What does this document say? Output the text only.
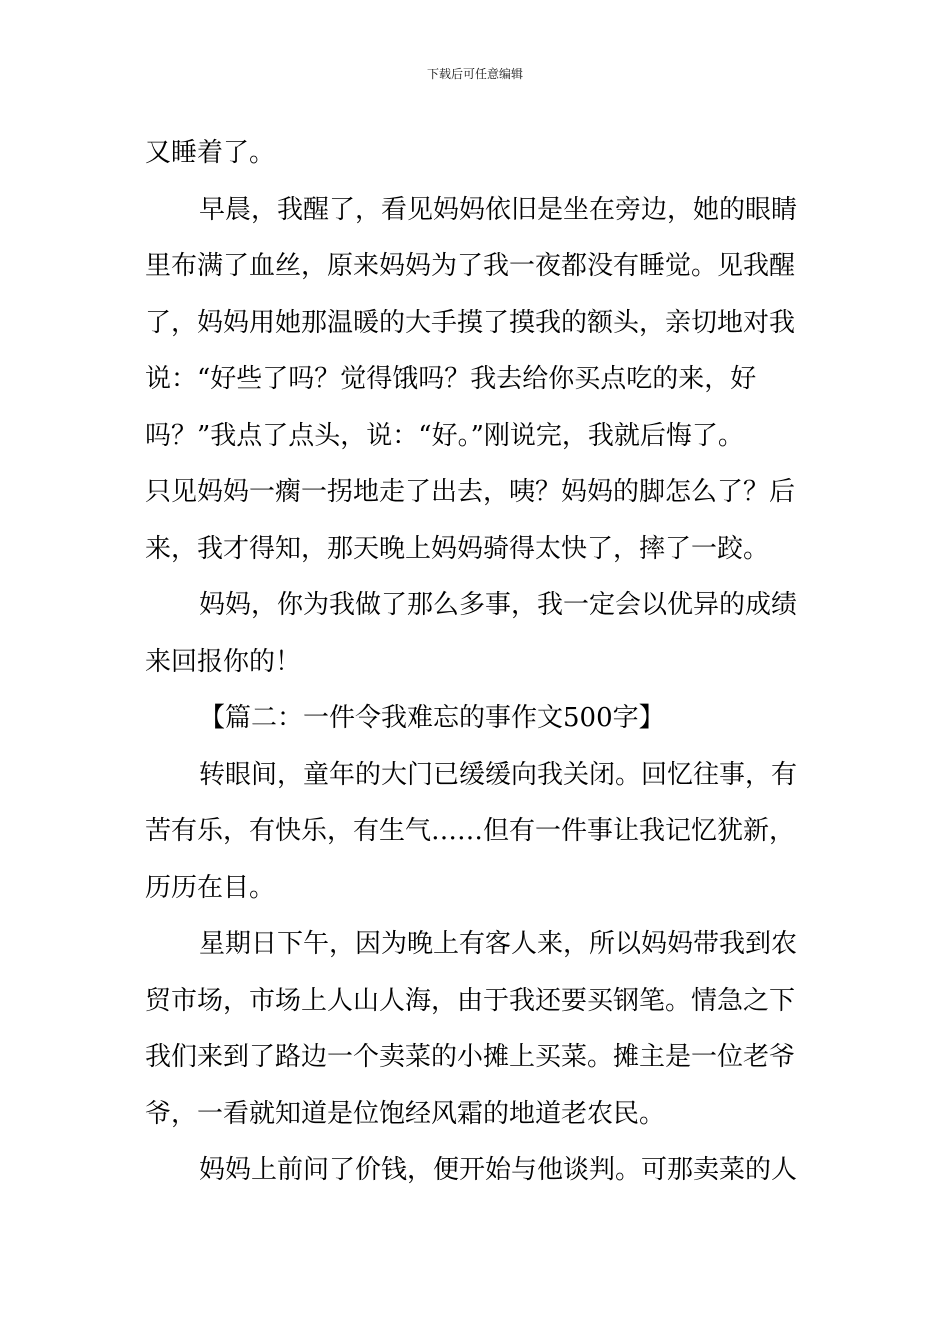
下载后可任意编辑
又睡着了。
早晨，我醒了，看见妈妈依旧是坐在旁边，她的眼睛
里布满了血丝，原来妈妈为了我一夜都没有睡觉。见我醒
了，妈妈用她那温暖的大手摸了摸我的额头，亲切地对我
说：“好些了吗？觉得饿吗？我去给你买点吃的来，好
吗？”我点了点头，说：“好。”刚说完，我就后悔了。
只见妈妈一瘸一拐地走了出去，咦？妈妈的脚怎么了？后
来，我才得知，那天晚上妈妈骑得太快了，摔了一跤。
妈妈，你为我做了那么多事，我一定会以优异的成绩
来回报你的！
【篇二：一件令我难忘的事作文500字】
转眼间，童年的大门已缓缓向我关闭。回忆往事，有
苦有乐，有快乐，有生气……但有一件事让我记忆犹新，
历历在目。
星期日下午，因为晚上有客人来，所以妈妈带我到农
贸市场，市场上人山人海，由于我还要买钢笔。情急之下
我们来到了路边一个卖菜的小摊上买菜。摊主是一位老爷
爷，一看就知道是位饱经风霜的地道老农民。
妈妈上前问了价钱，便开始与他谈判。可那卖菜的人
